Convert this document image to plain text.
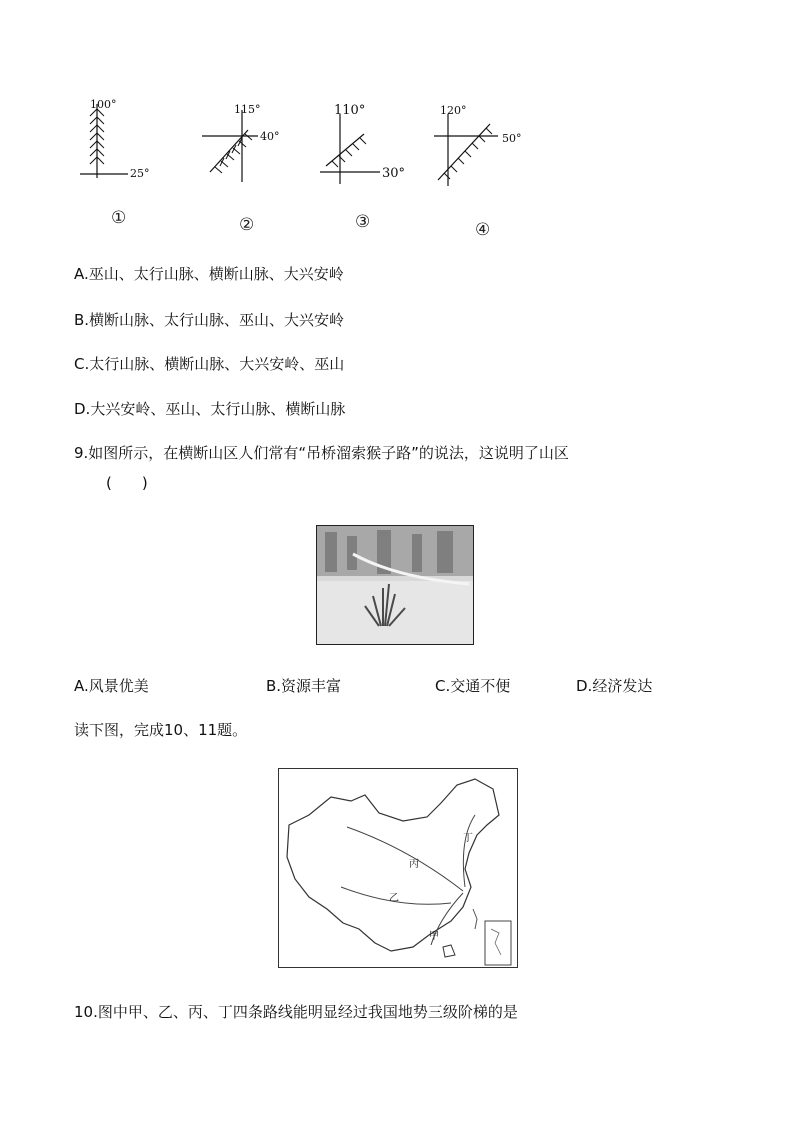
100°
25°
①
115°
40°
②
110°
30°
③
120°
50°
④
A.巫山、太行山脉、横断山脉、大兴安岭
B.横断山脉、太行山脉、巫山、大兴安岭
C.太行山脉、横断山脉、大兴安岭、巫山
D.大兴安岭、巫山、太行山脉、横断山脉
9.如图所示，在横断山区人们常有“吊桥溜索猴子路”的说法，这说明了山区
(　　)
A.风景优美	B.资源丰富	C.交通不便	D.经济发达
读下图，完成10、11题。
丙
乙
甲
丁
10.图中甲、乙、丙、丁四条路线能明显经过我国地势三级阶梯的是
